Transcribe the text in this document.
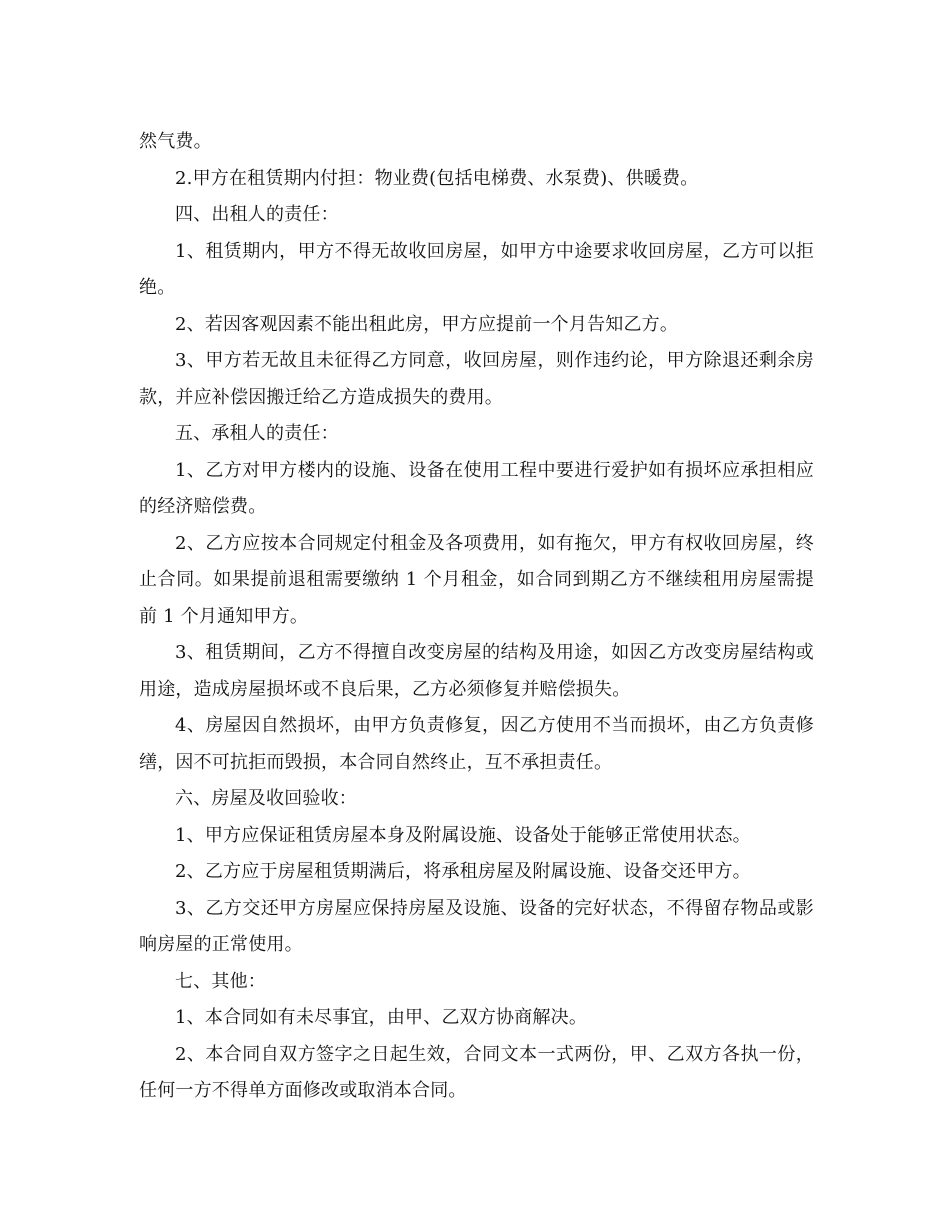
然气费。

2.甲方在租赁期内付担：物业费(包括电梯费、水泵费)、供暖费。

四、出租人的责任：

1、租赁期内，甲方不得无故收回房屋，如甲方中途要求收回房屋，乙方可以拒绝。

2、若因客观因素不能出租此房，甲方应提前一个月告知乙方。

3、甲方若无故且未征得乙方同意，收回房屋，则作违约论，甲方除退还剩余房款，并应补偿因搬迁给乙方造成损失的费用。

五、承租人的责任：

1、乙方对甲方楼内的设施、设备在使用工程中要进行爱护如有损坏应承担相应的经济赔偿费。

2、乙方应按本合同规定付租金及各项费用，如有拖欠，甲方有权收回房屋，终止合同。如果提前退租需要缴纳 1 个月租金，如合同到期乙方不继续租用房屋需提前 1 个月通知甲方。

3、租赁期间，乙方不得擅自改变房屋的结构及用途，如因乙方改变房屋结构或用途，造成房屋损坏或不良后果，乙方必须修复并赔偿损失。

4、房屋因自然损坏，由甲方负责修复，因乙方使用不当而损坏，由乙方负责修缮，因不可抗拒而毁损，本合同自然终止，互不承担责任。

六、房屋及收回验收：

1、甲方应保证租赁房屋本身及附属设施、设备处于能够正常使用状态。

2、乙方应于房屋租赁期满后，将承租房屋及附属设施、设备交还甲方。

3、乙方交还甲方房屋应保持房屋及设施、设备的完好状态，不得留存物品或影响房屋的正常使用。

七、其他：

1、本合同如有未尽事宜，由甲、乙双方协商解决。

2、本合同自双方签字之日起生效，合同文本一式两份，甲、乙双方各执一份，任何一方不得单方面修改或取消本合同。
